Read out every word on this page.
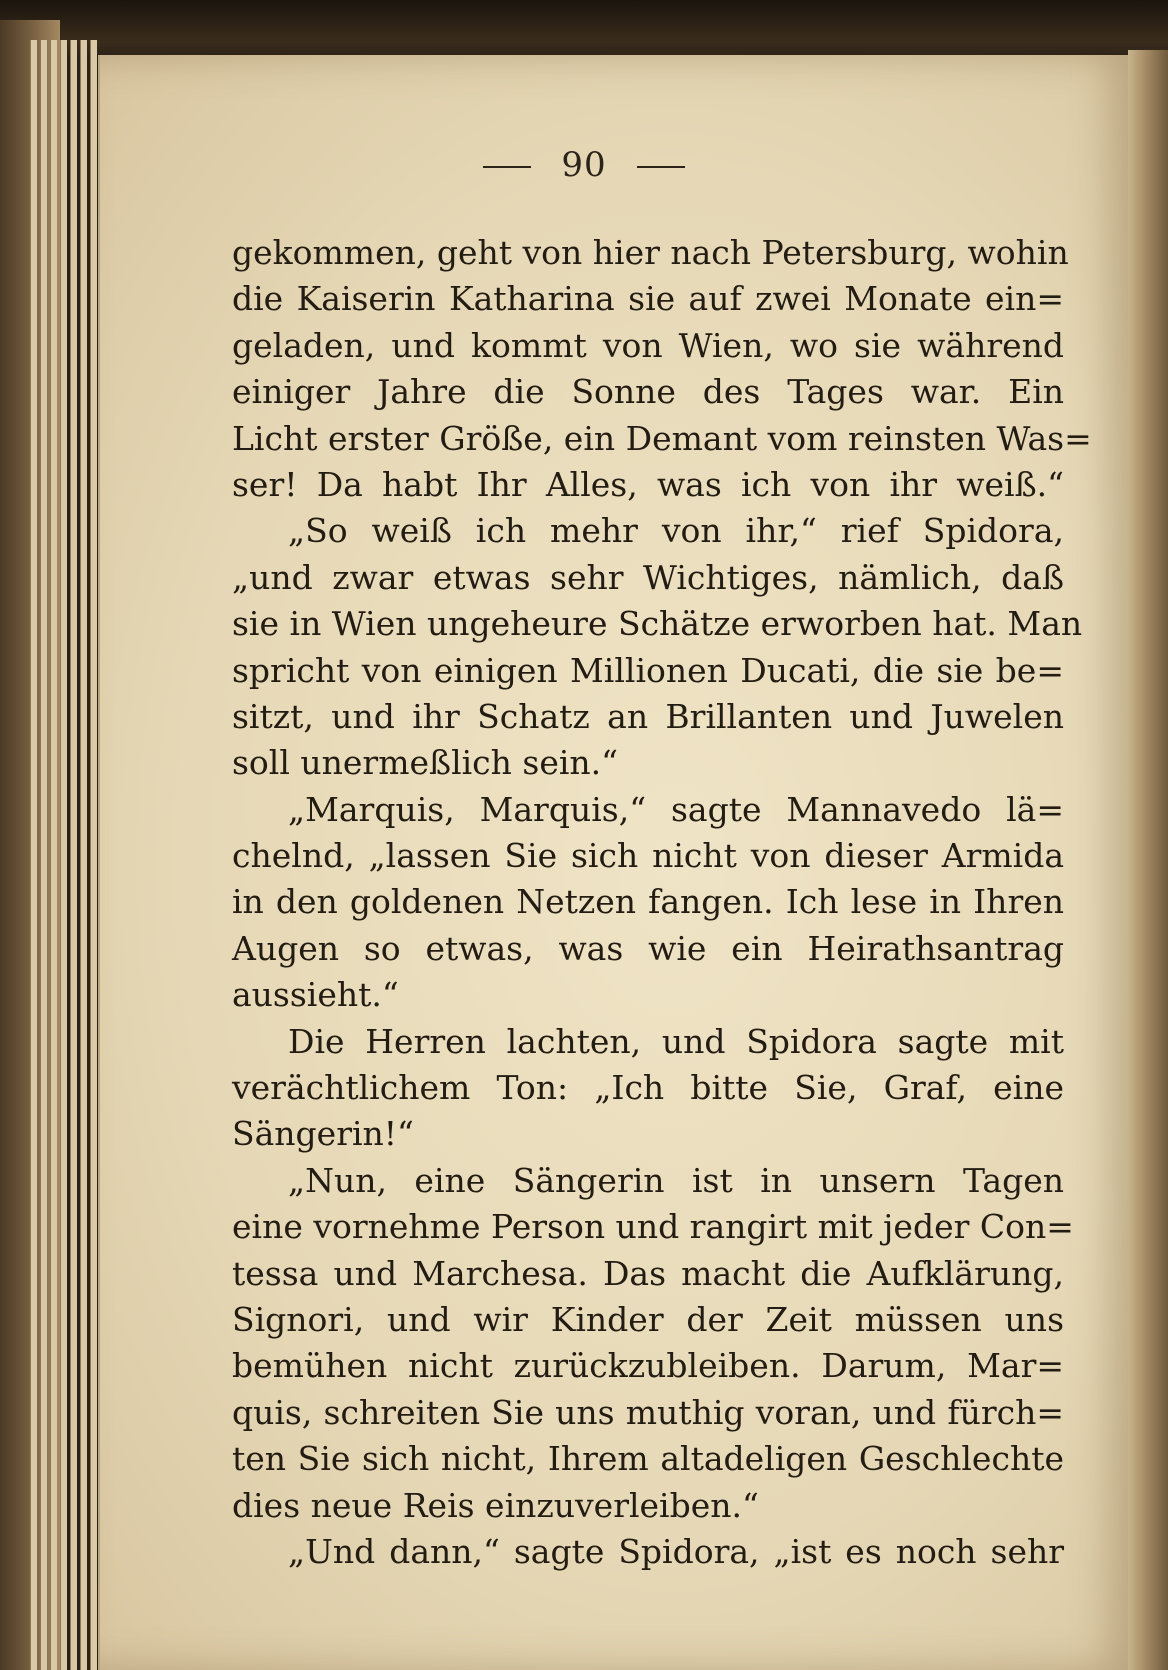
90
gekommen, geht von hier nach Petersburg, wohin
die Kaiserin Katharina sie auf zwei Monate ein=
geladen, und kommt von Wien, wo sie während
einiger Jahre die Sonne des Tages war. Ein
Licht erster Größe, ein Demant vom reinsten Was=
ser! Da habt Ihr Alles, was ich von ihr weiß.“
„So weiß ich mehr von ihr,“ rief Spidora,
„und zwar etwas sehr Wichtiges, nämlich, daß
sie in Wien ungeheure Schätze erworben hat. Man
spricht von einigen Millionen Ducati, die sie be=
sitzt, und ihr Schatz an Brillanten und Juwelen
soll unermeßlich sein.“
„Marquis, Marquis,“ sagte Mannavedo lä=
chelnd, „lassen Sie sich nicht von dieser Armida
in den goldenen Netzen fangen. Ich lese in Ihren
Augen so etwas, was wie ein Heirathsantrag
aussieht.“
Die Herren lachten, und Spidora sagte mit
verächtlichem Ton: „Ich bitte Sie, Graf, eine
Sängerin!“
„Nun, eine Sängerin ist in unsern Tagen
eine vornehme Person und rangirt mit jeder Con=
tessa und Marchesa. Das macht die Aufklärung,
Signori, und wir Kinder der Zeit müssen uns
bemühen nicht zurückzubleiben. Darum, Mar=
quis, schreiten Sie uns muthig voran, und fürch=
ten Sie sich nicht, Ihrem altadeligen Geschlechte
dies neue Reis einzuverleiben.“
„Und dann,“ sagte Spidora, „ist es noch sehr
